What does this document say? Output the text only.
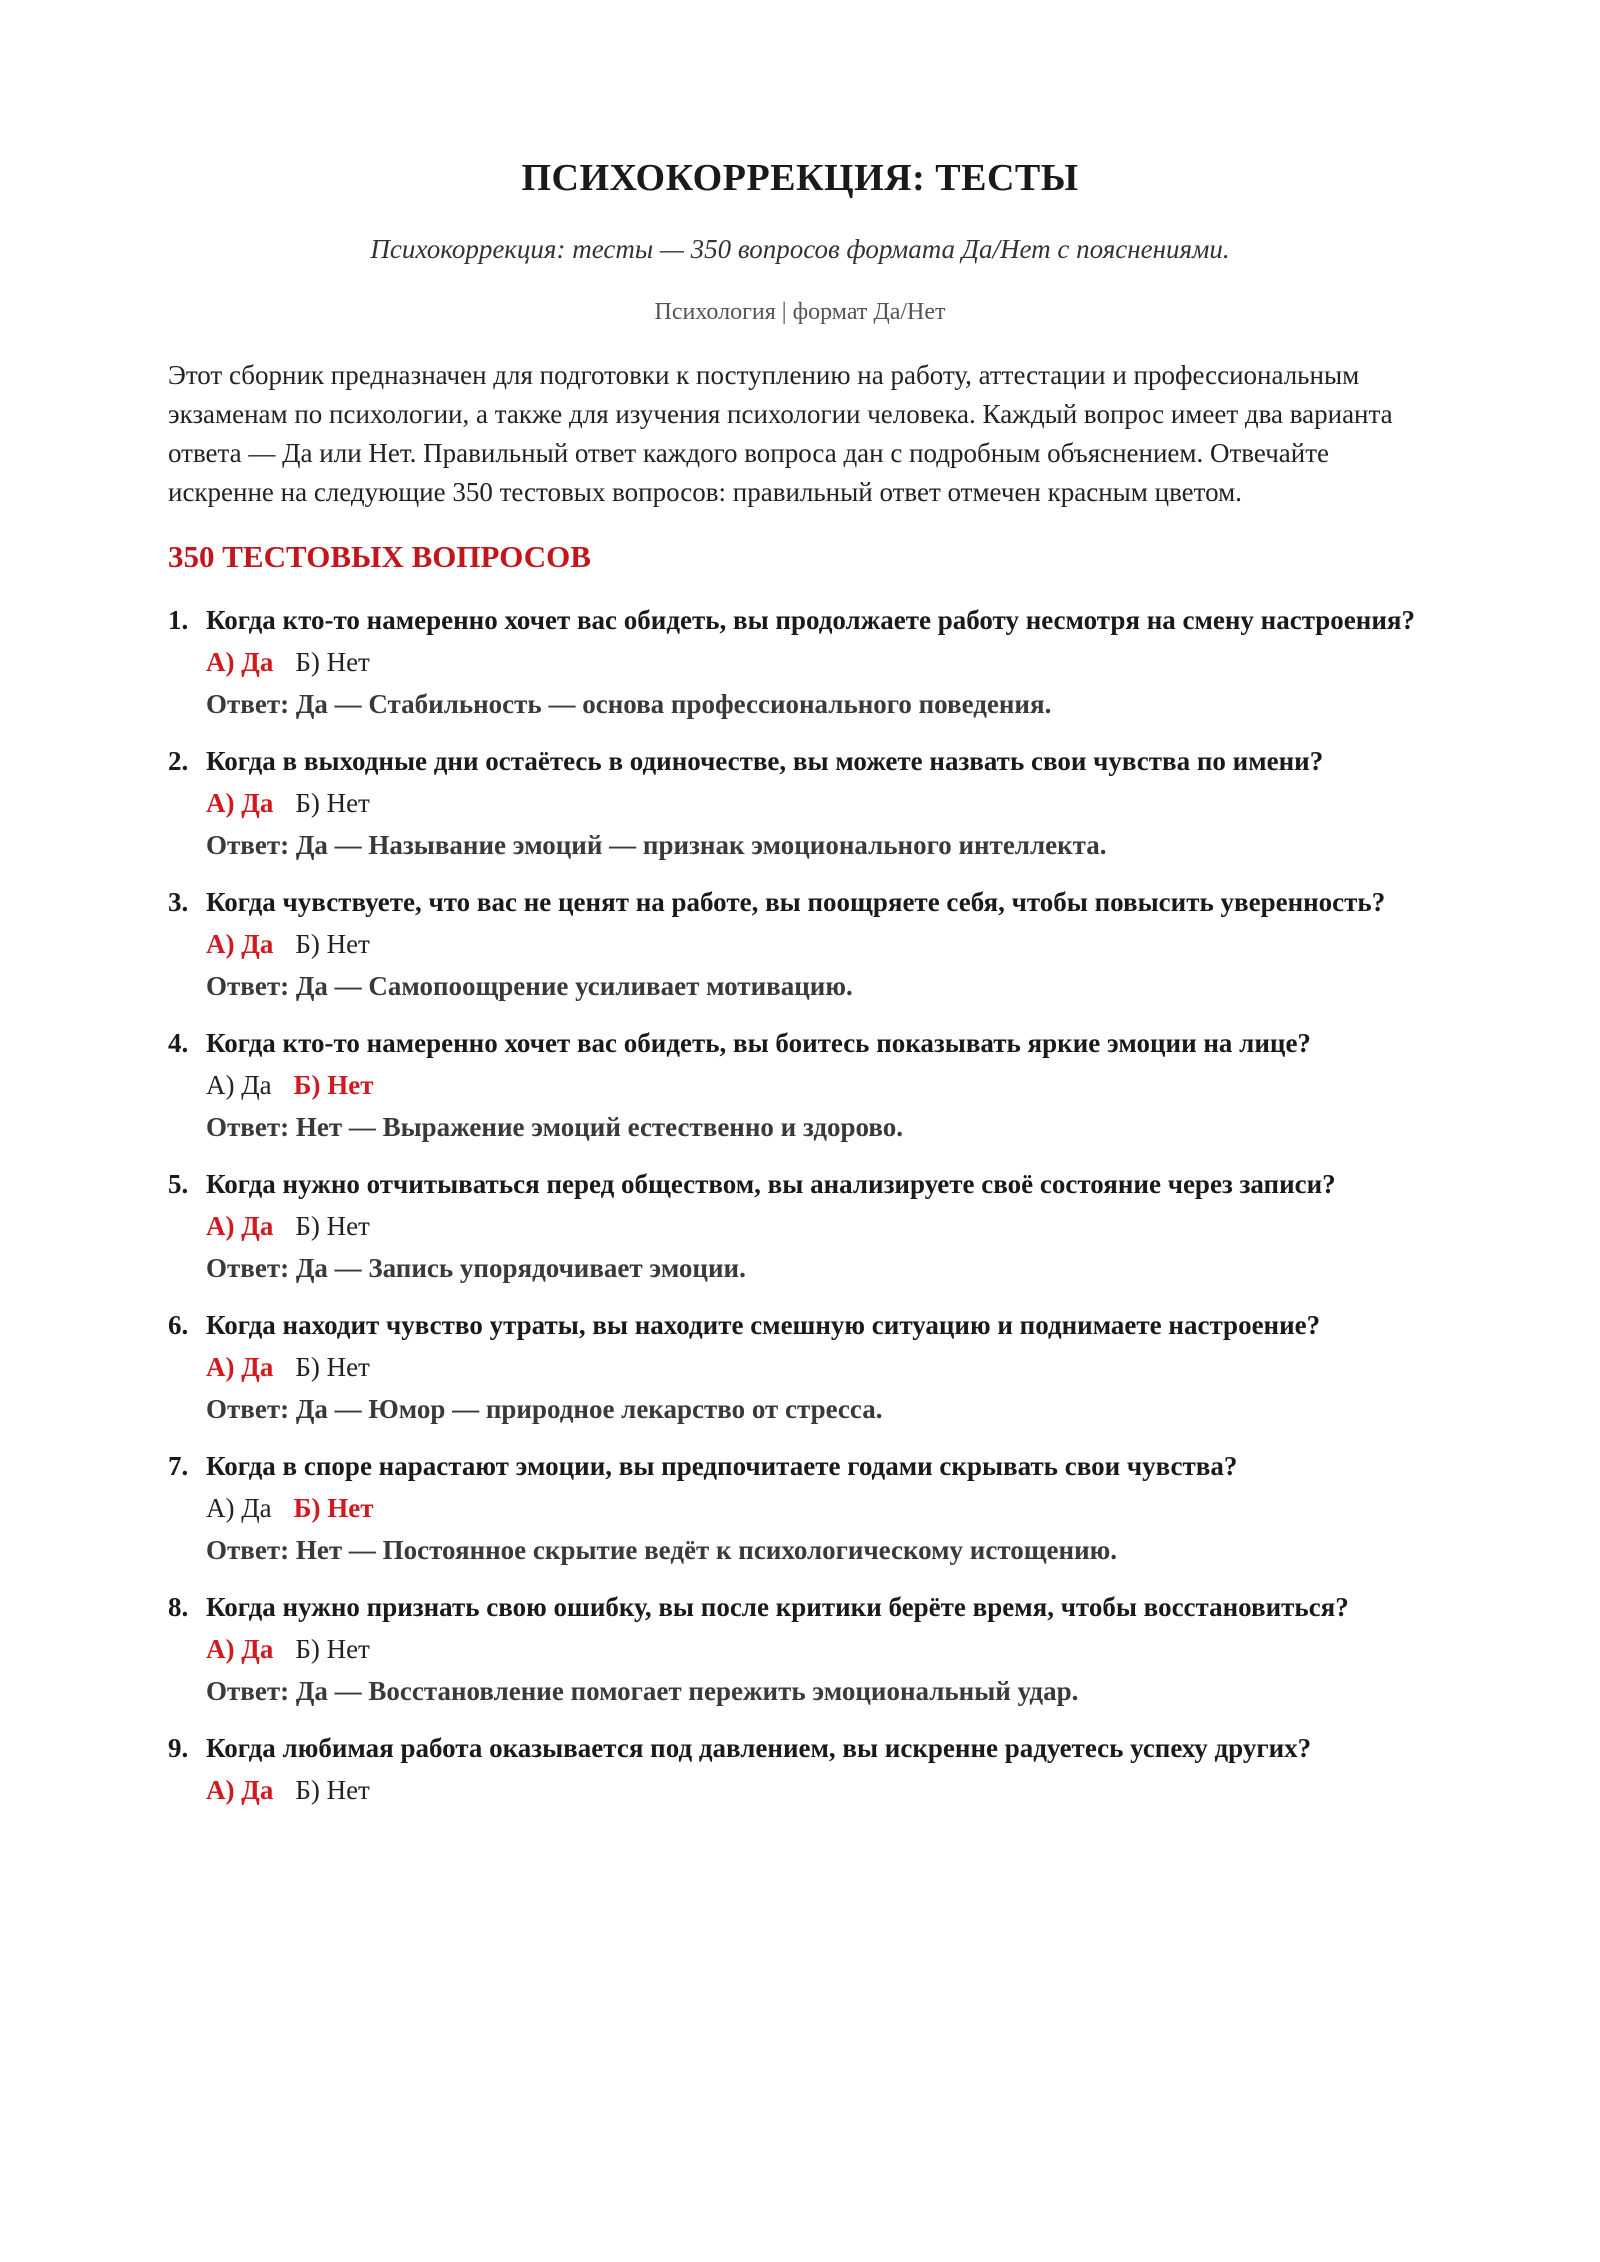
ПСИХОКОРРЕКЦИЯ: ТЕСТЫ
Психокоррекция: тесты — 350 вопросов формата Да/Нет с пояснениями.
Психология | формат Да/Нет
Этот сборник предназначен для подготовки к поступлению на работу, аттестации и профессиональным экзаменам по психологии, а также для изучения психологии человека. Каждый вопрос имеет два варианта ответа — Да или Нет. Правильный ответ каждого вопроса дан с подробным объяснением. Отвечайте искренне на следующие 350 тестовых вопросов: правильный ответ отмечен красным цветом.
350 ТЕСТОВЫХ ВОПРОСОВ
1. Когда кто-то намеренно хочет вас обидеть, вы продолжаете работу несмотря на смену настроения?
А) Да Б) Нет
Ответ: Да — Стабильность — основа профессионального поведения.
2. Когда в выходные дни остаётесь в одиночестве, вы можете назвать свои чувства по имени?
А) Да Б) Нет
Ответ: Да — Называние эмоций — признак эмоционального интеллекта.
3. Когда чувствуете, что вас не ценят на работе, вы поощряете себя, чтобы повысить уверенность?
А) Да Б) Нет
Ответ: Да — Самопоощрение усиливает мотивацию.
4. Когда кто-то намеренно хочет вас обидеть, вы боитесь показывать яркие эмоции на лице?
А) Да Б) Нет
Ответ: Нет — Выражение эмоций естественно и здорово.
5. Когда нужно отчитываться перед обществом, вы анализируете своё состояние через записи?
А) Да Б) Нет
Ответ: Да — Запись упорядочивает эмоции.
6. Когда находит чувство утраты, вы находите смешную ситуацию и поднимаете настроение?
А) Да Б) Нет
Ответ: Да — Юмор — природное лекарство от стресса.
7. Когда в споре нарастают эмоции, вы предпочитаете годами скрывать свои чувства?
А) Да Б) Нет
Ответ: Нет — Постоянное скрытие ведёт к психологическому истощению.
8. Когда нужно признать свою ошибку, вы после критики берёте время, чтобы восстановиться?
А) Да Б) Нет
Ответ: Да — Восстановление помогает пережить эмоциональный удар.
9. Когда любимая работа оказывается под давлением, вы искренне радуетесь успеху других?
А) Да Б) Нет
